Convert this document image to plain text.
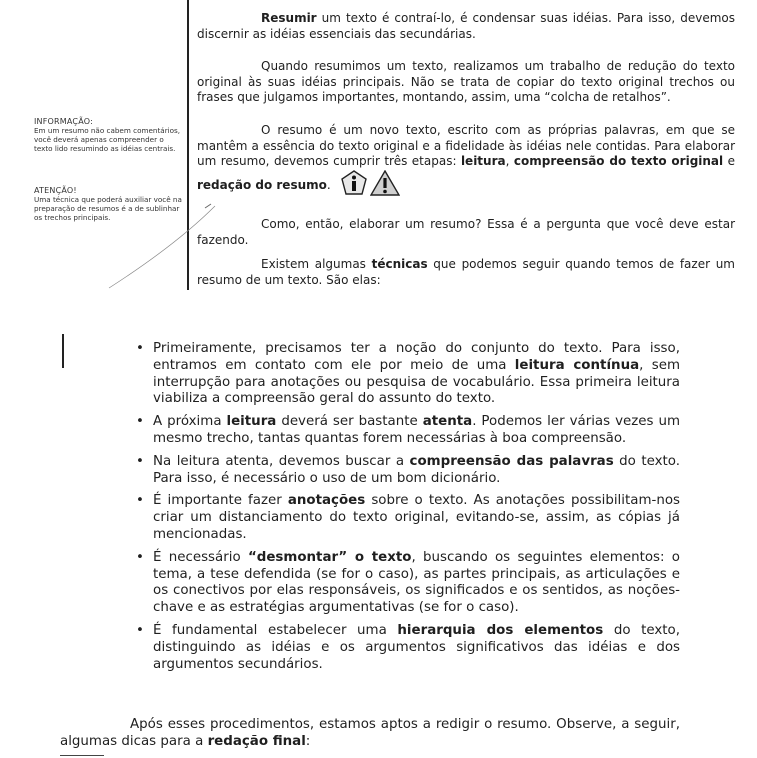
INFORMAÇÃO:
Em um resumo não cabem comentários, você deverá apenas compreender o texto lido resumindo as idéias centrais.
ATENÇÃO!
Uma técnica que poderá auxiliar você na preparação de resumos é a de sublinhar os trechos principais.
Resumir um texto é contraí-lo, é condensar suas idéias. Para isso, devemos discernir as idéias essenciais das secundárias.
Quando resumimos um texto, realizamos um trabalho de redução do texto original às suas idéias principais. Não se trata de copiar do texto original trechos ou frases que julgamos importantes, montando, assim, uma “colcha de retalhos”.
O resumo é um novo texto, escrito com as próprias palavras, em que se mantêm a essência do texto original e a fidelidade às idéias nele contidas. Para elaborar um resumo, devemos cumprir três etapas: leitura, compreensão do texto original e redação do resumo.
Como, então, elaborar um resumo? Essa é a pergunta que você deve estar fazendo.
Existem algumas técnicas que podemos seguir quando temos de fazer um resumo de um texto. São elas:
• Primeiramente, precisamos ter a noção do conjunto do texto. Para isso, entramos em contato com ele por meio de uma leitura contínua, sem interrupção para anotações ou pesquisa de vocabulário. Essa primeira leitura viabiliza a compreensão geral do assunto do texto.
• A próxima leitura deverá ser bastante atenta. Podemos ler várias vezes um mesmo trecho, tantas quantas forem necessárias à boa compreensão.
• Na leitura atenta, devemos buscar a compreensão das palavras do texto. Para isso, é necessário o uso de um bom dicionário.
• É importante fazer anotações sobre o texto. As anotações possibilitam-nos criar um distanciamento do texto original, evitando-se, assim, as cópias já mencionadas.
• É necessário “desmontar” o texto, buscando os seguintes elementos: o tema, a tese defendida (se for o caso), as partes principais, as articulações e os conectivos por elas responsáveis, os significados e os sentidos, as noções-chave e as estratégias argumentativas (se for o caso).
• É fundamental estabelecer uma hierarquia dos elementos do texto, distinguindo as idéias e os argumentos significativos das idéias e dos argumentos secundários.
Após esses procedimentos, estamos aptos a redigir o resumo. Observe, a seguir, algumas dicas para a redação final:
